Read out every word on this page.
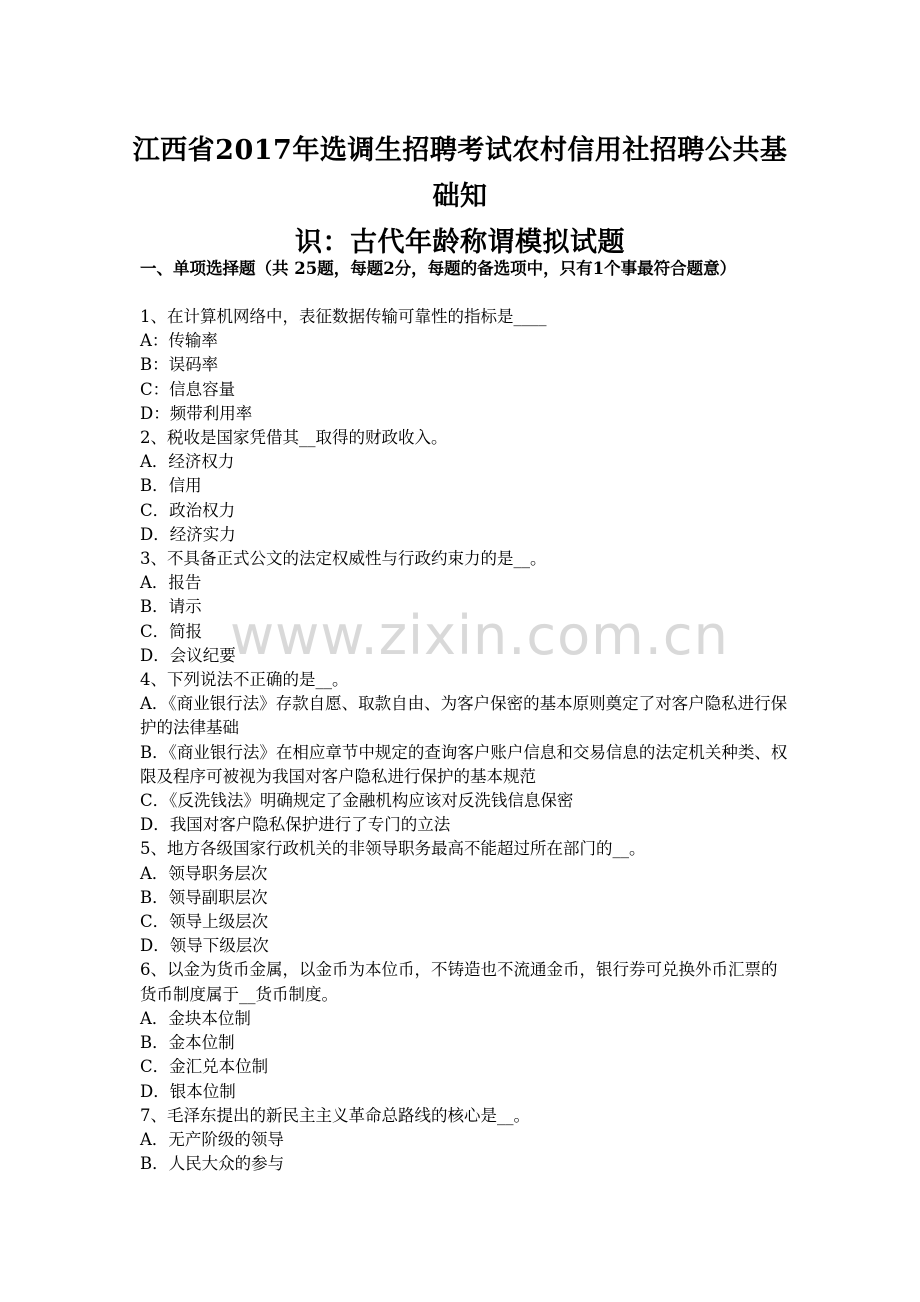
江西省2017年选调生招聘考试农村信用社招聘公共基础知
识：古代年龄称谓模拟试题
一、单项选择题（共 25题，每题2分，每题的备选项中，只有1个事最符合题意）

1、在计算机网络中，表征数据传输可靠性的指标是____

A：传输率

B：误码率

C：信息容量

D：频带利用率

2、税收是国家凭借其__取得的财政收入。

A．经济权力

B．信用

C．政治权力

D．经济实力

3、不具备正式公文的法定权威性与行政约束力的是__。

A．报告

B．请示

C．简报

D．会议纪要

4、下列说法不正确的是__。

A．《商业银行法》存款自愿、取款自由、为客户保密的基本原则奠定了对客户隐私进行保护的法律基础

B．《商业银行法》在相应章节中规定的查询客户账户信息和交易信息的法定机关种类、权限及程序可被视为我国对客户隐私进行保护的基本规范

C．《反洗钱法》明确规定了金融机构应该对反洗钱信息保密

D．我国对客户隐私保护进行了专门的立法

5、地方各级国家行政机关的非领导职务最高不能超过所在部门的__。

A．领导职务层次

B．领导副职层次

C．领导上级层次

D．领导下级层次

6、以金为货币金属，以金币为本位币，不铸造也不流通金币，银行券可兑换外币汇票的货币制度属于__货币制度。

A．金块本位制

B．金本位制

C．金汇兑本位制

D．银本位制

7、毛泽东提出的新民主主义革命总路线的核心是__。

A．无产阶级的领导

B．人民大众的参与

www.zixin.com.cn
